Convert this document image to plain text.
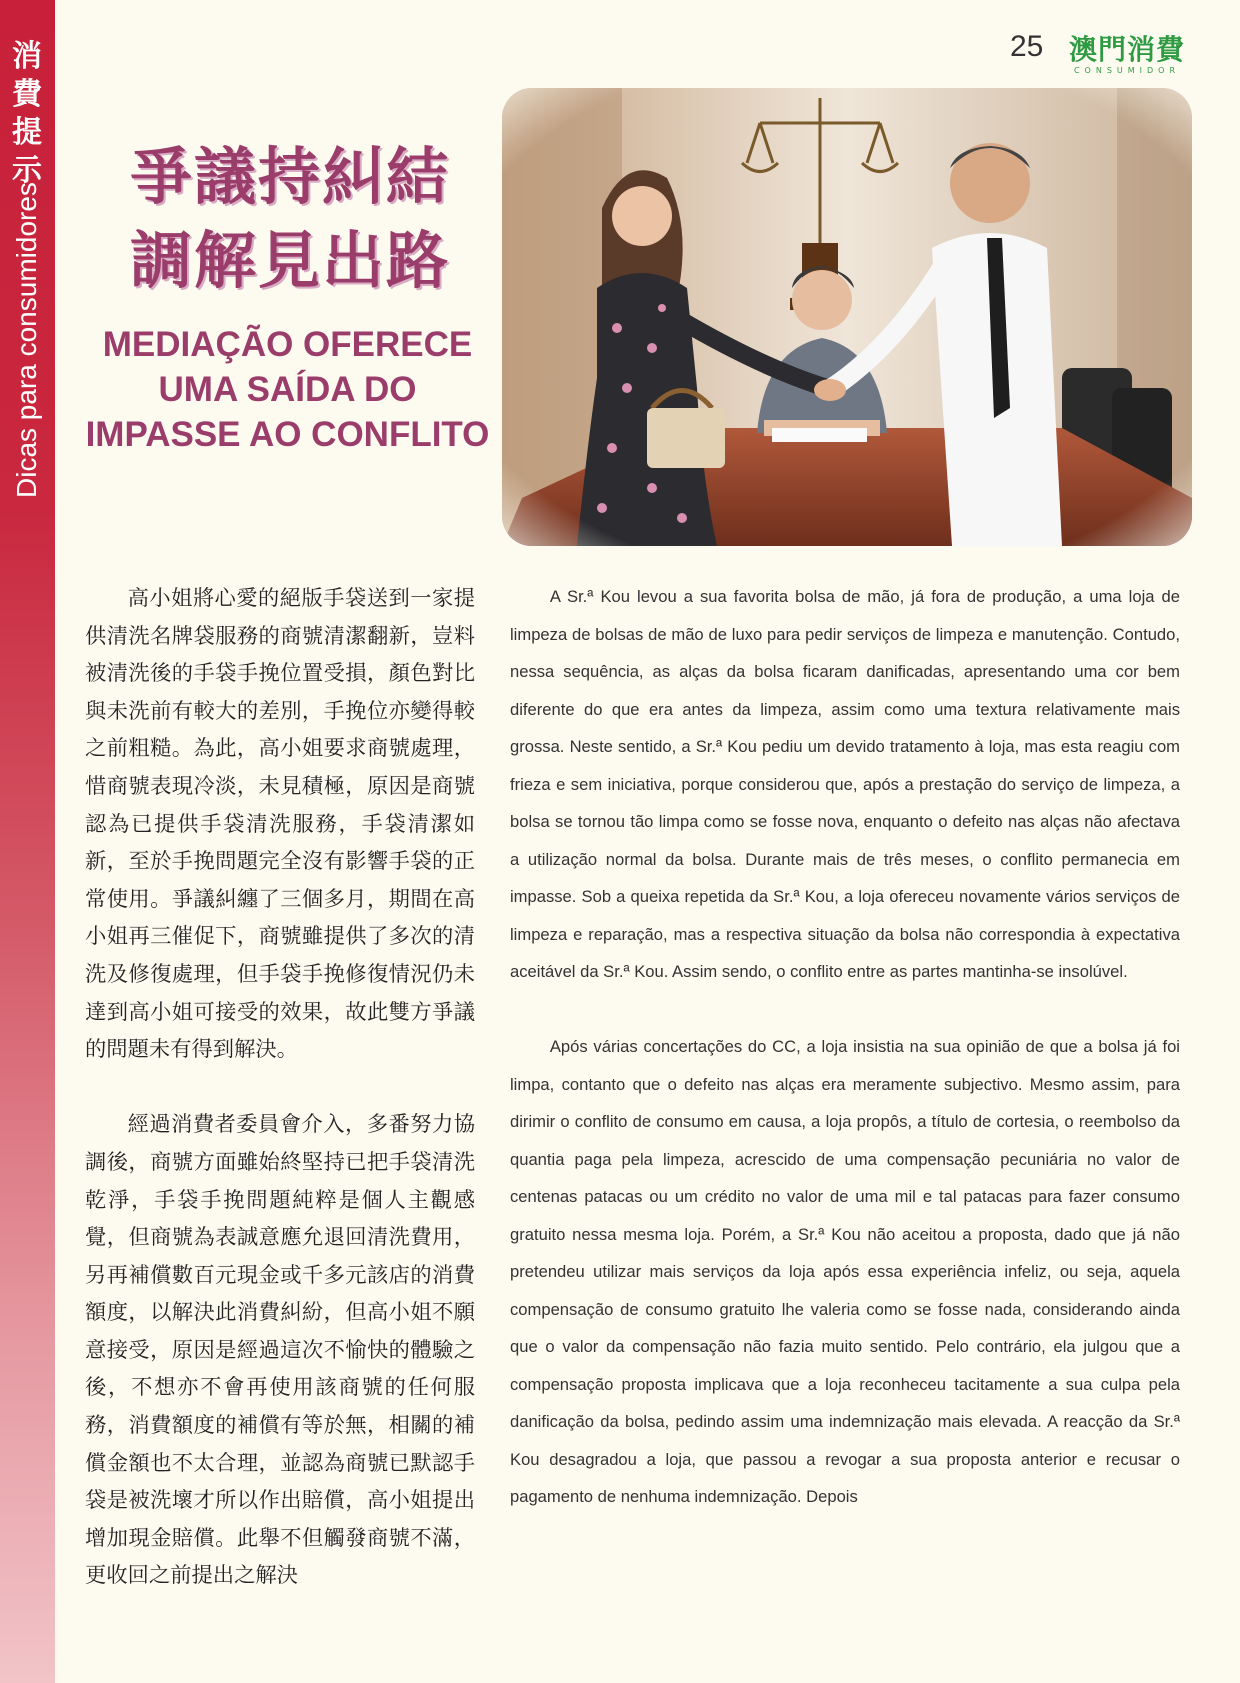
消
費
提
示
Dicas para consumidores
25 澳門消費
CONSUMIDOR
爭議持糾結
調解見出路
MEDIAÇÃO OFERECE UMA SAÍDA DO IMPASSE AO CONFLITO

高小姐將心愛的絕版手袋送到一家提供清洗名牌袋服務的商號清潔翻新，豈料被清洗後的手袋手挽位置受損，顏色對比與未洗前有較大的差別，手挽位亦變得較之前粗糙。為此，高小姐要求商號處理，惜商號表現冷淡，未見積極，原因是商號認為已提供手袋清洗服務，手袋清潔如新，至於手挽問題完全沒有影響手袋的正常使用。爭議糾纏了三個多月，期間在高小姐再三催促下，商號雖提供了多次的清洗及修復處理，但手袋手挽修復情況仍未達到高小姐可接受的效果，故此雙方爭議的問題未有得到解決。

經過消費者委員會介入，多番努力協調後，商號方面雖始終堅持已把手袋清洗乾淨，手袋手挽問題純粹是個人主觀感覺，但商號為表誠意應允退回清洗費用，另再補償數百元現金或千多元該店的消費額度，以解決此消費糾紛，但高小姐不願意接受，原因是經過這次不愉快的體驗之後，不想亦不會再使用該商號的任何服務，消費額度的補償有等於無，相關的補償金額也不太合理，並認為商號已默認手袋是被洗壞才所以作出賠償，高小姐提出增加現金賠償。此舉不但觸發商號不滿，更收回之前提出之解決

A Sr.ª Kou levou a sua favorita bolsa de mão, já fora de produção, a uma loja de limpeza de bolsas de mão de luxo para pedir serviços de limpeza e manutenção. Contudo, nessa sequência, as alças da bolsa ficaram danificadas, apresentando uma cor bem diferente do que era antes da limpeza, assim como uma textura relativamente mais grossa. Neste sentido, a Sr.ª Kou pediu um devido tratamento à loja, mas esta reagiu com frieza e sem iniciativa, porque considerou que, após a prestação do serviço de limpeza, a bolsa se tornou tão limpa como se fosse nova, enquanto o defeito nas alças não afectava a utilização normal da bolsa. Durante mais de três meses, o conflito permanecia em impasse. Sob a queixa repetida da Sr.ª Kou, a loja ofereceu novamente vários serviços de limpeza e reparação, mas a respectiva situação da bolsa não correspondia à expectativa aceitável da Sr.ª Kou. Assim sendo, o conflito entre as partes mantinha-se insolúvel.

Após várias concertações do CC, a loja insistia na sua opinião de que a bolsa já foi limpa, contanto que o defeito nas alças era meramente subjectivo. Mesmo assim, para dirimir o conflito de consumo em causa, a loja propôs, a título de cortesia, o reembolso da quantia paga pela limpeza, acrescido de uma compensação pecuniária no valor de centenas patacas ou um crédito no valor de uma mil e tal patacas para fazer consumo gratuito nessa mesma loja. Porém, a Sr.ª Kou não aceitou a proposta, dado que já não pretendeu utilizar mais serviços da loja após essa experiência infeliz, ou seja, aquela compensação de consumo gratuito lhe valeria como se fosse nada, considerando ainda que o valor da compensação não fazia muito sentido. Pelo contrário, ela julgou que a compensação proposta implicava que a loja reconheceu tacitamente a sua culpa pela danificação da bolsa, pedindo assim uma indemnização mais elevada. A reacção da Sr.ª Kou desagradou a loja, que passou a revogar a sua proposta anterior e recusar o pagamento de nenhuma indemnização. Depois
